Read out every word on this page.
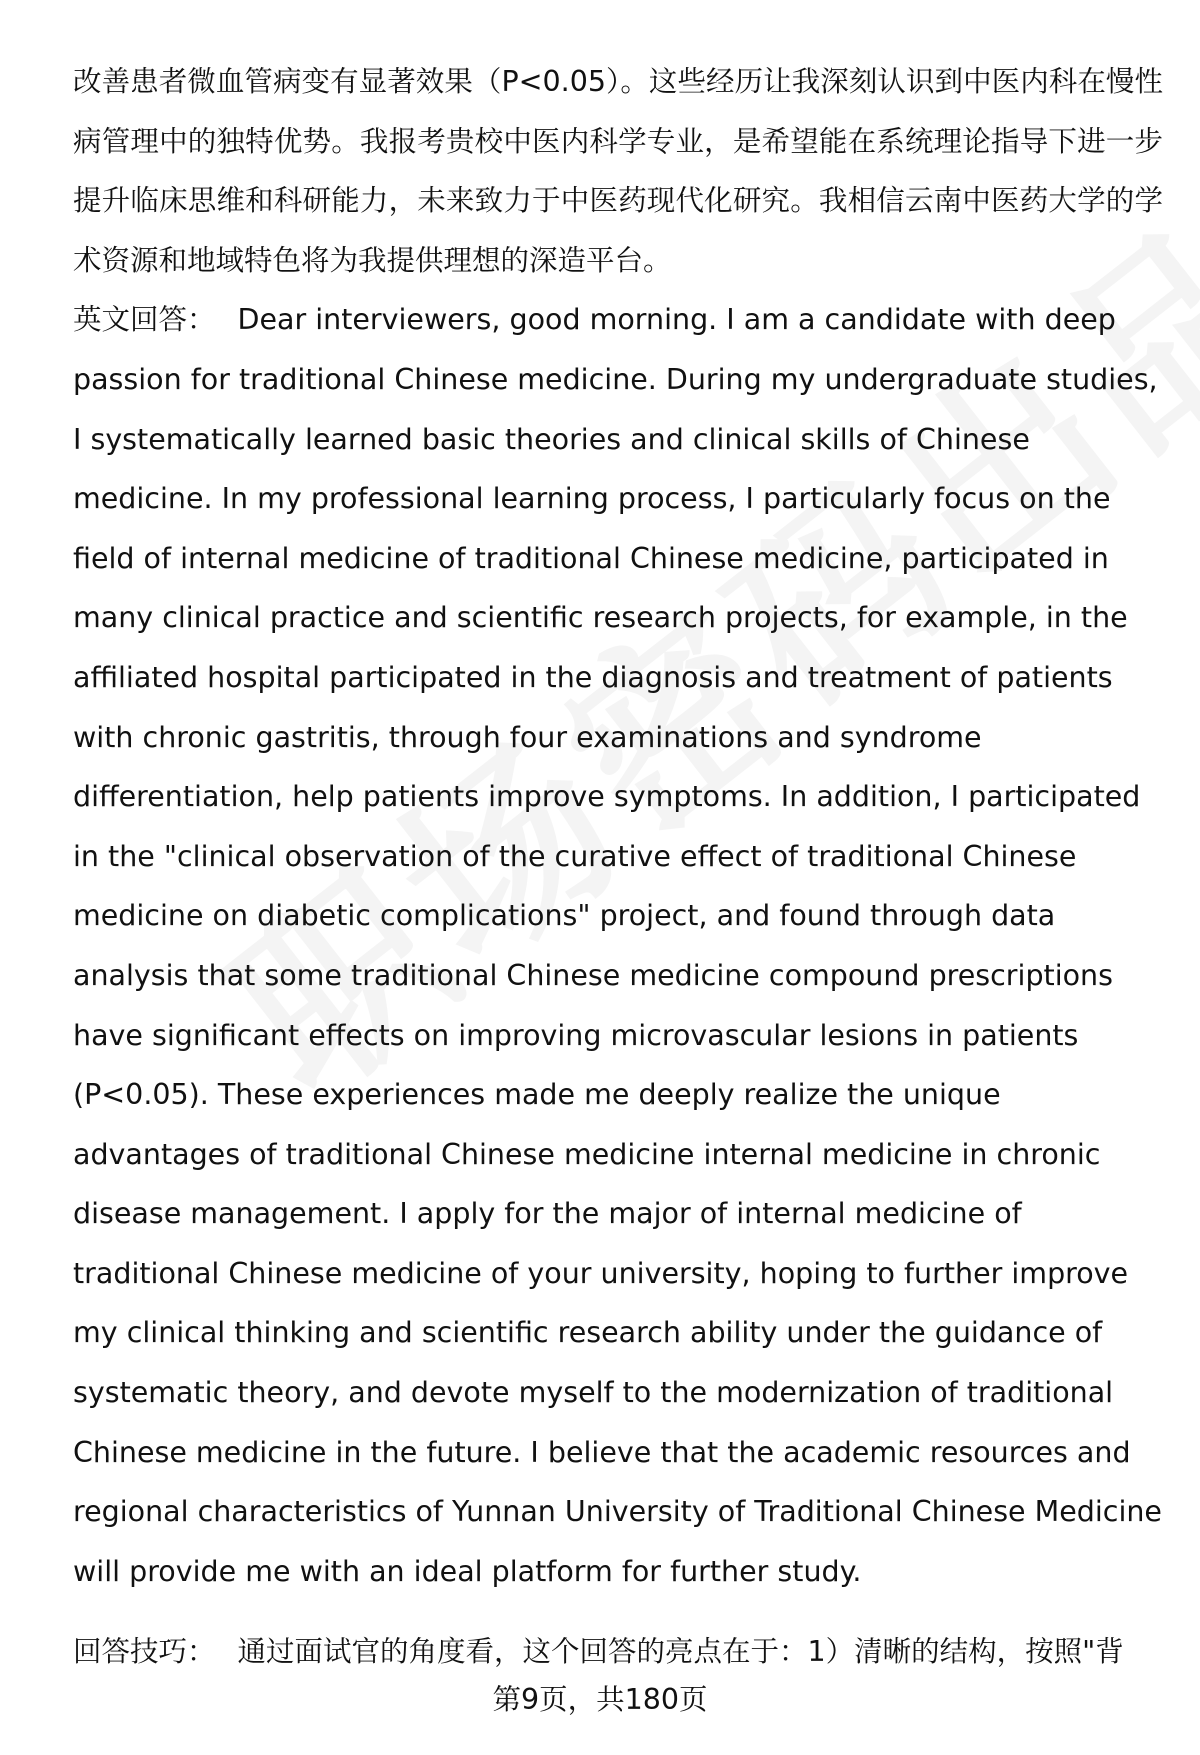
改善患者微血管病变有显著效果（P<0.05）。这些经历让我深刻认识到中医内科在慢性病管理中的独特优势。我报考贵校中医内科学专业，是希望能在系统理论指导下进一步提升临床思维和科研能力，未来致力于中医药现代化研究。我相信云南中医药大学的学术资源和地域特色将为我提供理想的深造平台。

英文回答： Dear interviewers, good morning. I am a candidate with deep passion for traditional Chinese medicine. During my undergraduate studies, I systematically learned basic theories and clinical skills of Chinese medicine. In my professional learning process, I particularly focus on the field of internal medicine of traditional Chinese medicine, participated in many clinical practice and scientific research projects, for example, in the affiliated hospital participated in the diagnosis and treatment of patients with chronic gastritis, through four examinations and syndrome differentiation, help patients improve symptoms. In addition, I participated in the "clinical observation of the curative effect of traditional Chinese medicine on diabetic complications" project, and found through data analysis that some traditional Chinese medicine compound prescriptions have significant effects on improving microvascular lesions in patients (P<0.05). These experiences made me deeply realize the unique advantages of traditional Chinese medicine internal medicine in chronic disease management. I apply for the major of internal medicine of traditional Chinese medicine of your university, hoping to further improve my clinical thinking and scientific research ability under the guidance of systematic theory, and devote myself to the modernization of traditional Chinese medicine in the future. I believe that the academic resources and regional characteristics of Yunnan University of Traditional Chinese Medicine will provide me with an ideal platform for further study.

回答技巧： 通过面试官的角度看，这个回答的亮点在于：1）清晰的结构，按照"背
第9页，共180页
